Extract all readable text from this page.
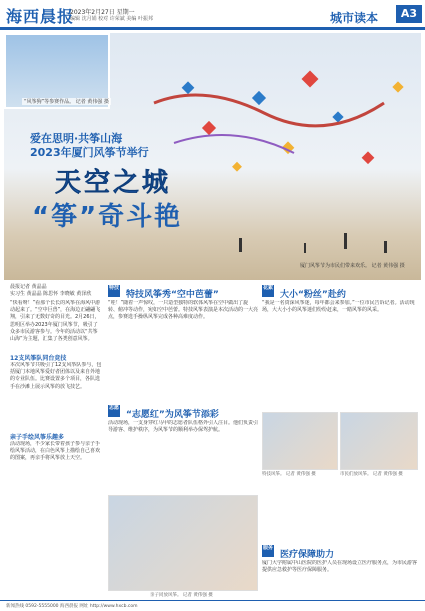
海西晨报
2023年2月27日 星期一
编辑 沈月娟 校对 许荣斌 美编 叶振邦	城市读本	A3
“风筝狗”等参赛作品。 记者 黄伟强 摄
爱在思明·共筝山海
2023年厦门风筝节举行
天空之城
“筝”奇斗艳
厦门风筝节为市民们带来欢乐。 记者 黄伟强 摄
晨报记者 黄晶晶
实习生 黄晶晶 陈思怀 李晓敏 黄泽欣
“快看呀！”看那个长长的风筝在海风中游动起来了。“空中巨兽”，在海边正翩翩飞翔，引来了无数好奇的目光。2月26日，思明区举办2023年厦门风筝节，吸引了众多市民游客参与。今年的活动以“共筝山海”为主题，汇集了各类创意风筝。
12支风筝队同台竞技
本次风筝节共吸引了12支风筝队参与，包括厦门本地风筝爱好者团体以及来自外地的专业队伍。比赛设置多个项目，各队选手在沙滩上展示风筝的放飞技艺。
亲子手绘风筝乐趣多
活动现场，不少家长带着孩子参与亲子手绘风筝活动，在白色风筝上描绘自己喜欢的图案，再亲手将风筝放上天空。
特技
特技风筝秀“空中芭蕾”
“哇！”随着一声惊叹，一只造型独特的软体风筝在空中做出了旋转、俯冲等动作，宛如空中芭蕾。特技风筝表演是本次活动的一大亮点，参赛选手操纵风筝完成各种高难度动作。
志愿
“志愿红”为风筝节添彩
活动现场，一支身穿红马甲的志愿者队伍格外引人注目。他们负责引导游客、维护秩序，为风筝节的顺利举办保驾护航。
亲子同放风筝。 记者 黄伟强 摄
花絮
大小“粉丝”赴约
“我是一名资深风筝迷，每年都会来参加。”一位市民告诉记者。活动现场，大大小小的风筝迷们纷纷赶来，一睹风筝的风采。
特技风筝。 记者 黄伟强 摄	市民们放风筝。 记者 黄伟强 摄
服务
医疗保障助力
厦门大学附属中山医院的医护人员在现场设立医疗服务点，为市民游客提供应急救护等医疗保障服务。
新闻热线 0592-5555000 海西晨报 网址 http://www.hxcb.com
